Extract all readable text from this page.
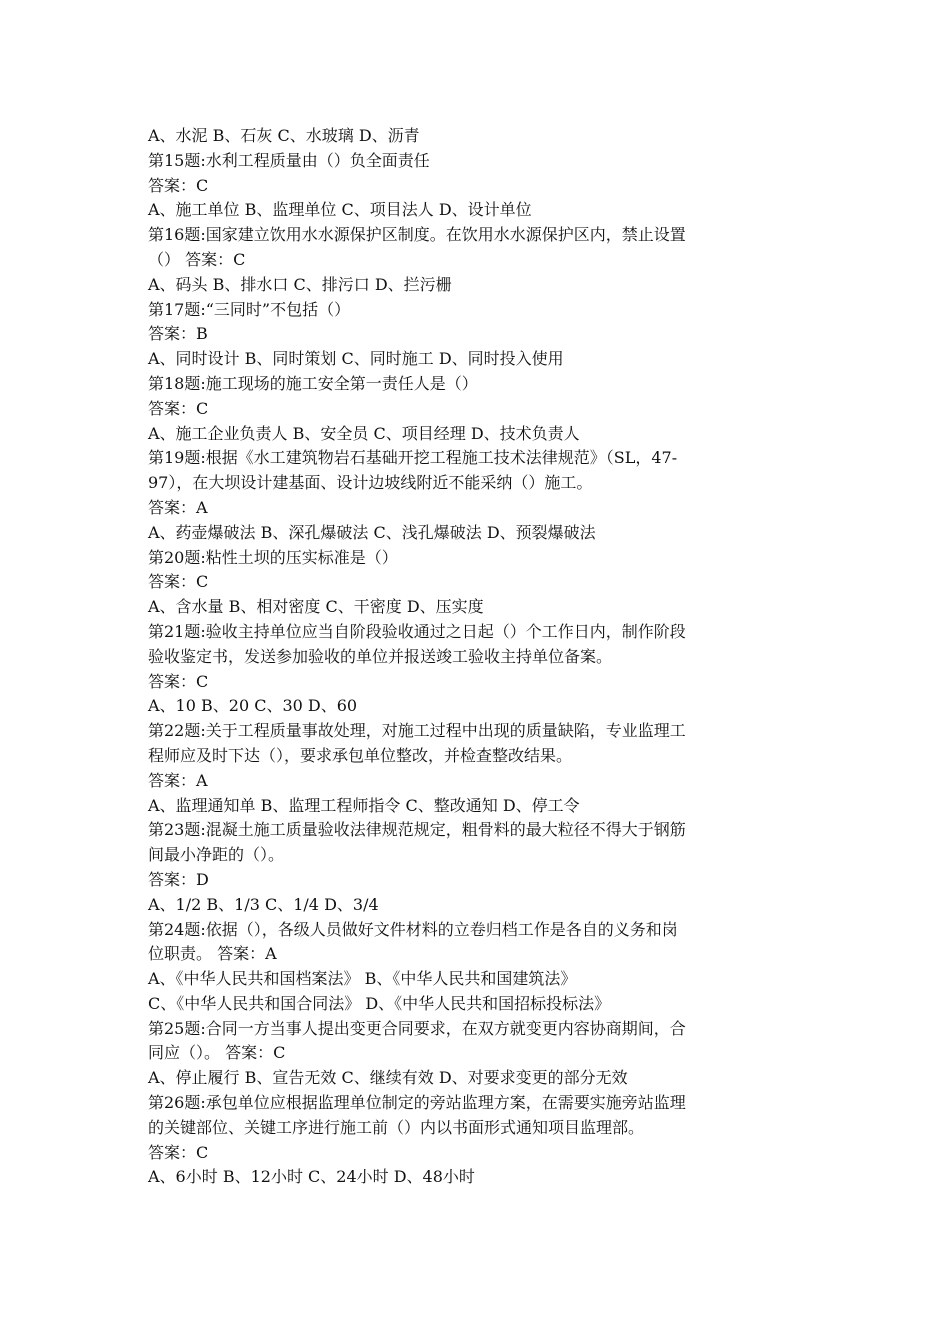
A、水泥 B、石灰 C、水玻璃 D、沥青
第15题:水利工程质量由（）负全面责任
答案：C
A、施工单位 B、监理单位 C、项目法人 D、设计单位
第16题:国家建立饮用水水源保护区制度。在饮用水水源保护区内，禁止设置
（） 答案：C
A、码头 B、排水口 C、排污口 D、拦污栅
第17题:“三同时”不包括（）
答案：B
A、同时设计 B、同时策划 C、同时施工 D、同时投入使用
第18题:施工现场的施工安全第一责任人是（）
答案：C
A、施工企业负责人 B、安全员 C、项目经理 D、技术负责人
第19题:根据《水工建筑物岩石基础开挖工程施工技术法律规范》（SL，47-
97），在大坝设计建基面、设计边坡线附近不能采纳（）施工。
答案：A
A、药壶爆破法 B、深孔爆破法 C、浅孔爆破法 D、预裂爆破法
第20题:粘性土坝的压实标准是（）
答案：C
A、含水量 B、相对密度 C、干密度 D、压实度
第21题:验收主持单位应当自阶段验收通过之日起（）个工作日内，制作阶段
验收鉴定书，发送参加验收的单位并报送竣工验收主持单位备案。
答案：C
A、10 B、20 C、30 D、60
第22题:关于工程质量事故处理，对施工过程中出现的质量缺陷，专业监理工
程师应及时下达（），要求承包单位整改，并检查整改结果。
答案：A
A、监理通知单 B、监理工程师指令 C、整改通知 D、停工令
第23题:混凝土施工质量验收法律规范规定，粗骨料的最大粒径不得大于钢筋
间最小净距的（）。
答案：D
A、1/2 B、1/3 C、1/4 D、3/4
第24题:依据（），各级人员做好文件材料的立卷归档工作是各自的义务和岗
位职责。 答案：A
A、《中华人民共和国档案法》 B、《中华人民共和国建筑法》
C、《中华人民共和国合同法》 D、《中华人民共和国招标投标法》
第25题:合同一方当事人提出变更合同要求，在双方就变更内容协商期间，合
同应（）。 答案：C
A、停止履行 B、宣告无效 C、继续有效 D、对要求变更的部分无效
第26题:承包单位应根据监理单位制定的旁站监理方案，在需要实施旁站监理
的关键部位、关键工序进行施工前（）内以书面形式通知项目监理部。
答案：C
A、6小时 B、12小时 C、24小时 D、48小时
